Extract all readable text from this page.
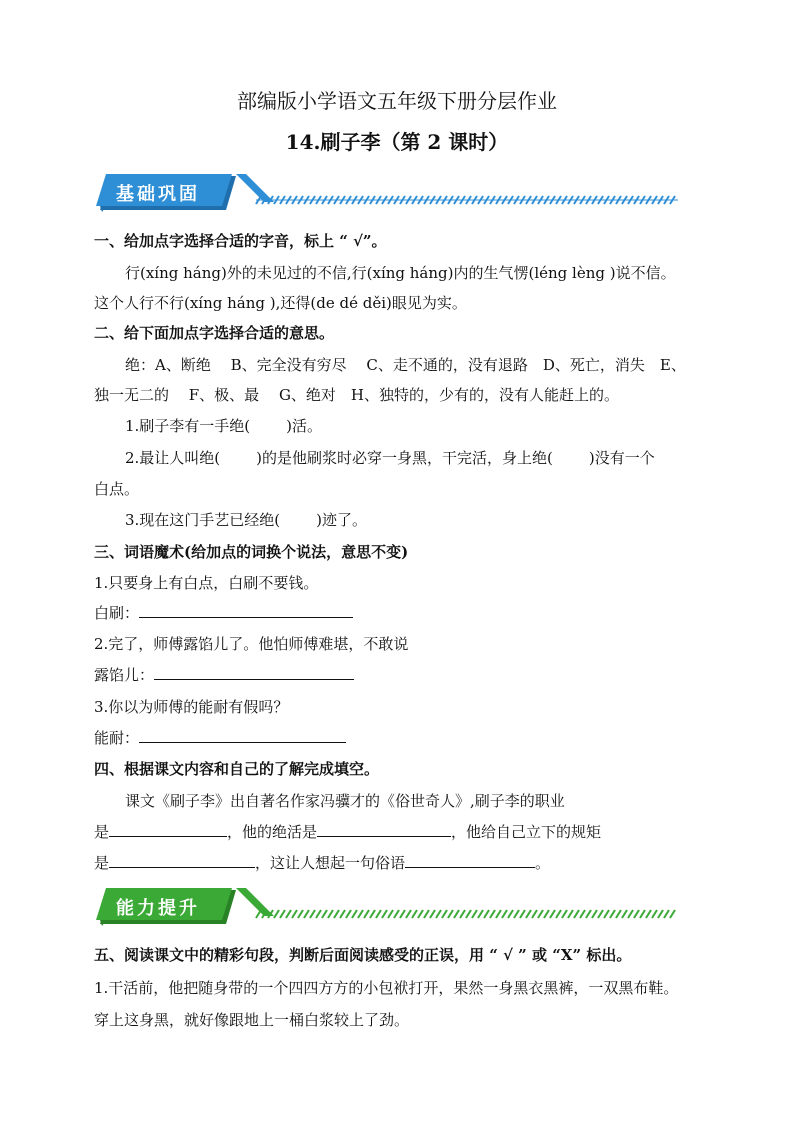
部编版小学语文五年级下册分层作业
14.刷子李（第 2 课时）
基础巩固
一、给加点字选择合适的字音，标上 “ √”。
行(xíng háng)外的未见过的不信,行(xíng háng)内的生气愣(léng lèng )说不信。
这个人行不行(xíng háng ),还得(de dé děi)眼见为实。
二、给下面加点字选择合适的意思。
绝：A、断绝　 B、完全没有穷尽　 C、走不通的，没有退路　D、死亡，消失　E、
独一无二的　 F、极、最　 G、绝对　H、独特的，少有的，没有人能赶上的。
1.刷子李有一手绝( )活。
2.最让人叫绝( )的是他刷浆时必穿一身黑，干完活，身上绝( )没有一个
白点。
3.现在这门手艺已经绝( )迹了。
三、词语魔术(给加点的词换个说法，意思不变)
1.只要身上有白点，白刷不要钱。
白刷：
2.完了，师傅露馅儿了。他怕师傅难堪，不敢说
露馅儿：
3.你以为师傅的能耐有假吗？
能耐：
四、根据课文内容和自己的了解完成填空。
课文《刷子李》出自著名作家冯骥才的《俗世奇人》,刷子李的职业
是	，他的绝活是	，他给自己立下的规矩
是	，这让人想起一句俗语	。
能力提升
五、阅读课文中的精彩句段，判断后面阅读感受的正误，用 “ √ ” 或 “X” 标出。
1.干活前，他把随身带的一个四四方方的小包袱打开，果然一身黑衣黑裤，一双黑布鞋。
穿上这身黑，就好像跟地上一桶白浆较上了劲。
